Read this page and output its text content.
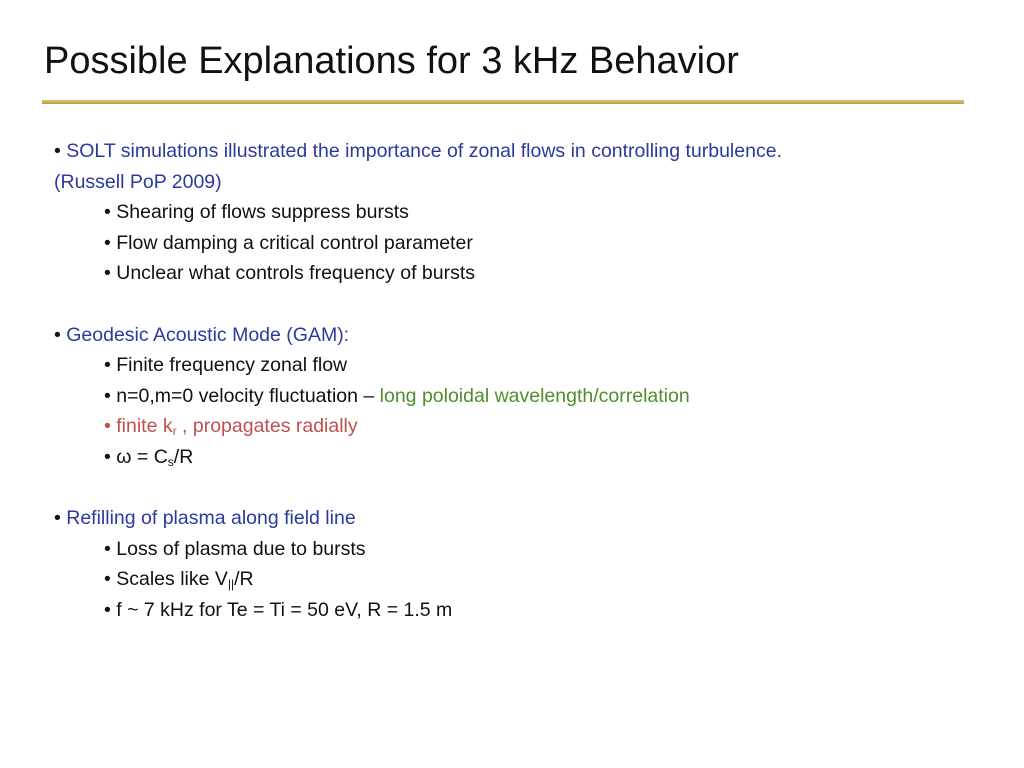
Possible Explanations for 3 kHz Behavior

• SOLT simulations illustrated the importance of zonal flows in controlling turbulence.
(Russell PoP 2009)

• Shearing of flows suppress bursts

• Flow damping a critical control parameter

• Unclear what controls frequency of bursts

• Geodesic Acoustic Mode (GAM):

• Finite frequency zonal flow

• n=0,m=0 velocity fluctuation – long poloidal wavelength/correlation

• finite $k_r$ , propagates radially

• $\omega = C_s/R$

• Refilling of plasma along field line

• Loss of plasma due to bursts

• Scales like $V_{||}/R$

• f ~ 7 kHz for Te = Ti = 50 eV, R = 1.5 m
